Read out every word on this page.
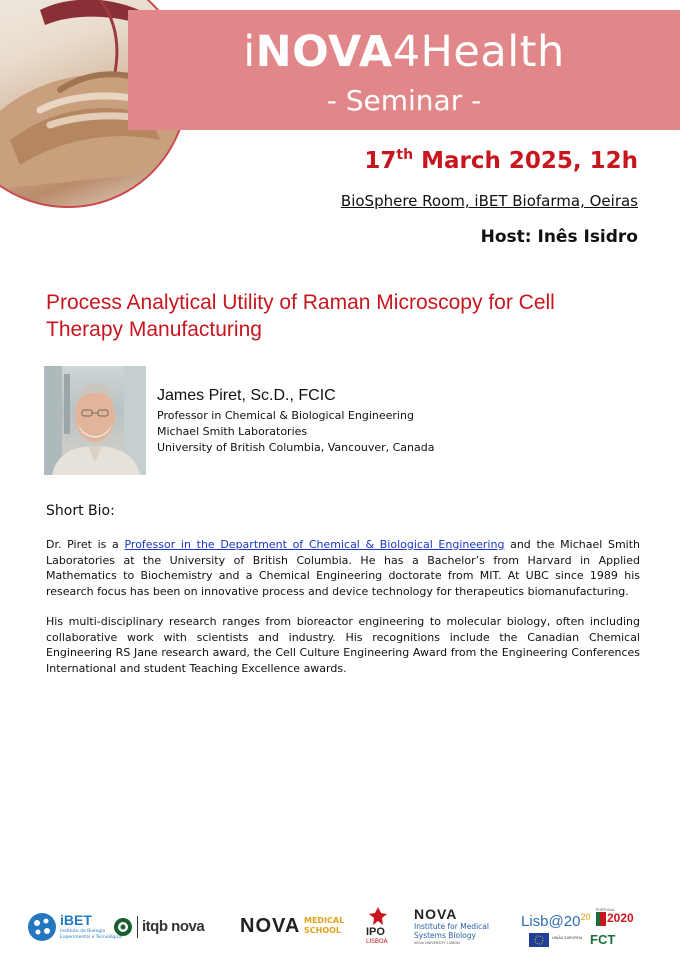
iNOVA4Health
- Seminar -
17th March 2025, 12h
BioSphere Room, iBET Biofarma, Oeiras
Host: Inês Isidro
Process Analytical Utility of Raman Microscopy for Cell
Therapy Manufacturing
James Piret, Sc.D., FCIC
Professor in Chemical & Biological Engineering
Michael Smith Laboratories
University of British Columbia, Vancouver, Canada
Short Bio:
Dr. Piret is a Professor in the Department of Chemical & Biological Engineering and the Michael Smith Laboratories at the University of British Columbia. He has a Bachelor’s from Harvard in Applied Mathematics to Biochemistry and a Chemical Engineering doctorate from MIT. At UBC since 1989 his research focus has been on innovative process and device technology for therapeutics biomanufacturing.
His multi-disciplinary research ranges from bioreactor engineering to molecular biology, often including collaborative work with scientists and industry. His recognitions include the Canadian Chemical Engineering RS Jane research award, the Cell Culture Engineering Award from the Engineering Conferences International and student Teaching Excellence awards.
iBET
Instituto de Biologia
Experimental e Tecnológica
itqb nova NOVA MEDICAL
SCHOOL IPO
LISBOA
NOVA
Institute for Medical
Systems Biology
NOVA UNIVERSITY LISBON
$Lisb@20^{20}$
PORTUGAL
2020
UNIÃO EUROPEIA FCT
